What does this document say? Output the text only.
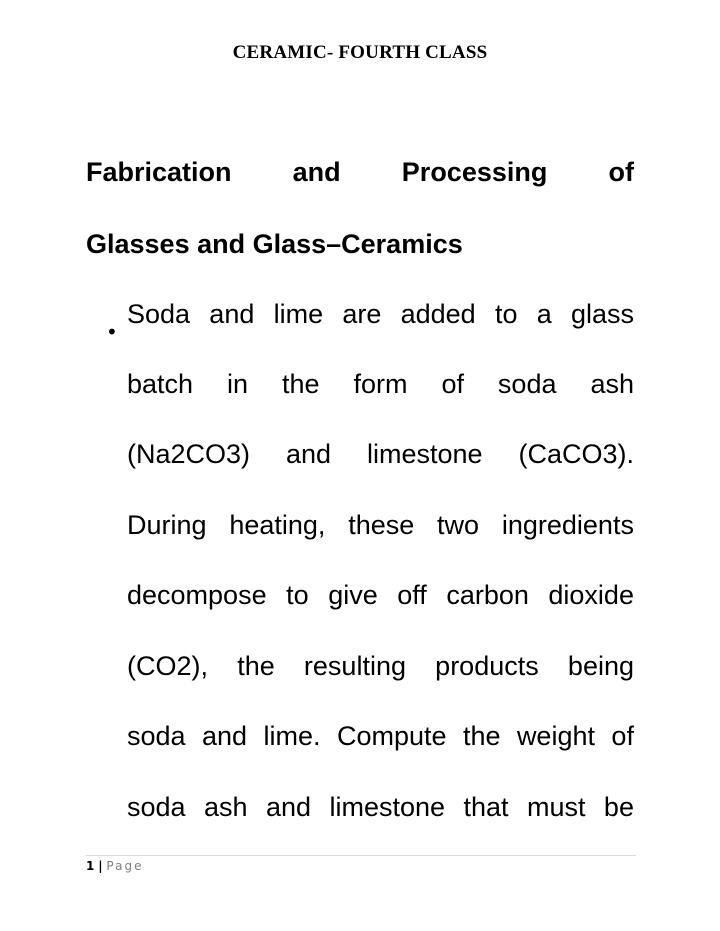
CERAMIC- FOURTH CLASS
Fabrication and Processing of
Glasses and Glass–Ceramics
•
Soda and lime are added to a glass
batch in the form of soda ash
(Na2CO3) and limestone (CaCO3).
During heating, these two ingredients
decompose to give off carbon dioxide
(CO2), the resulting products being
soda and lime. Compute the weight of
soda ash and limestone that must be
1 | Page
